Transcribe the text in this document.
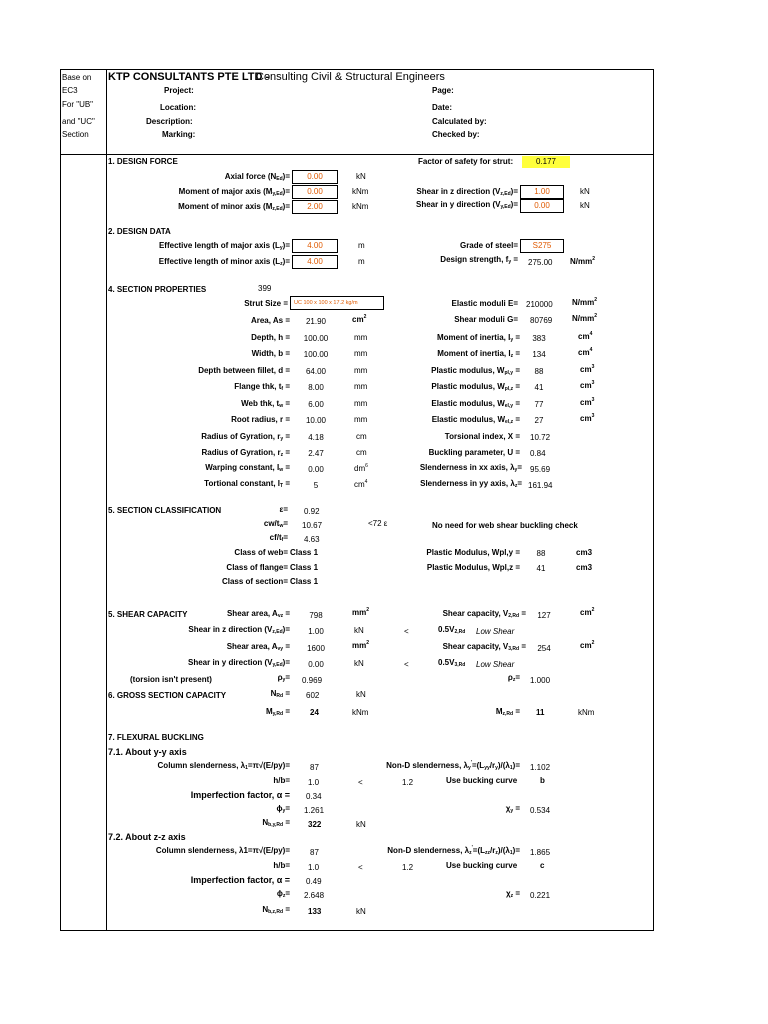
Base on
EC3
For "UB"
and "UC"
Section
KTP CONSULTANTS PTE LTD -
Consulting Civil & Structural Engineers
Project:
Location:
Description:
Marking:
Page:
Date:
Calculated by:
Checked by:
1. DESIGN FORCE	Factor of safety for strut:	0.177
Axial force $(N_{Ed})=$	0.00	kN
Moment of major axis $(M_{y,Ed})=$	0.00	kNm
Moment of minor axis $(M_{z,Ed})=$	2.00	kNm
Shear in z direction $(V_{z,Ed})=$	1.00	kN
Shear in y direction $(V_{y,Ed})=$	0.00	kN
2. DESIGN DATA
Effective length of major axis $(L_y)=$	4.00	m
Effective length of minor axis $(L_z)=$	4.00	m
Grade of steel=	S275
Design strength, $f_y = 275.00$ $N/mm^2$
4. SECTION PROPERTIES	399
Strut Size =	UC 100 x 100 x 17.2 kg/m
Area, As =	21.90	$cm^2$
Depth, h =	100.00	mm
Width, b =	100.00	mm
Depth between fillet, d =	64.00	mm
Flange thk, $t_f$ =	8.00	mm
Web thk, $t_w$ =	6.00	mm
Root radius, r =	10.00	mm
Radius of Gyration, $r_y$ =	4.18	cm
Radius of Gyration, $r_z$ =	2.47	cm
Warping constant, $I_w$ =	0.00	$dm^6$
Tortional constant, $I_T$ =	5	$cm^4$
Elastic moduli E= 210000 $N/mm^2$
Shear moduli G= 80769 $N/mm^2$
Moment of inertia, $I_y$ =	383	$cm^4$
Moment of inertia, $I_z$ =	134	$cm^4$
Plastic modulus, $W_{pl,y}$ =	88	$cm^3$
Plastic modulus, $W_{pl,z}$ =	41	$cm^3$
Elastic modulus, $W_{el,y}$ =	77	$cm^3$
Elastic modulus, $W_{el,z}$ =	27	$cm^3$
Torsional index, X = 10.72
Buckling parameter, U = 0.84
Slenderness in xx axis, $\lambda_y= 95.69$
Slenderness in yy axis, $\lambda_z= 161.94$
5. SECTION CLASSIFICATION	ε= 0.92
$cw/t_w= 10.67$	<72 ε	No need for web shear buckling check
$cf/t_f= 4.63$
Class of web= Class 1
Class of flange= Class 1
Class of section= Class 1
Plastic Modulus, Wpl,y =	88	cm3
Plastic Modulus, Wpl,z =	41	cm3
5. SHEAR CAPACITY	Shear area, $A_{vz}$ =	798	$mm^2$	Shear capacity, $V_{2,Rd}$ =	127	$cm^2$
Shear in z direction $(V_{z,Ed})=$	1.00	kN	<	$0.5V_{2,Rd}$ Low Shear
Shear area, $A_{vy}$ =	1600	$mm^2$	Shear capacity, $V_{3,Rd}$ =	254	$cm^2$
Shear in y direction $(V_{y,Ed})=$	0.00	kN	<	$0.5V_{3,Rd}$ Low Shear
(torsion isn't present)	$\rho_y= 0.969$	$\rho_z= 1.000$
6. GROSS SECTION CAPACITY	$N_{Rd} = 602$	kN
$M_{y,Rd}$ =	24	kNm	$M_{z,Rd} = 11$	kNm
7. FLEXURAL BUCKLING
7.1. About y-y axis
Column slenderness, $\lambda_1=\pi√(E/py)=$	87	Non-D slenderness, $\lambda_y'=(L_{yy}/r_y)/(\lambda_1)= 1.102$
h/b= 1.0	<	1.2	Use bucking curve	b
Imperfection factor, α = 0.34
$\phi_y= 1.261$	$\chi_y = 0.534$
$N_{b,y,Rd} = 322$	kN
7.2. About z-z axis
Column slenderness, λ1=π√(E/py)=	87	Non-D slenderness, $\lambda_z'=(L_{zz}/r_z)/(\lambda_1)= 1.865$
h/b= 1.0	<	1.2	Use bucking curve	c
Imperfection factor, α = 0.49
$\phi_z= 2.648$	$\chi_z = 0.221$
$N_{b,z,Rd} = 133$	kN
